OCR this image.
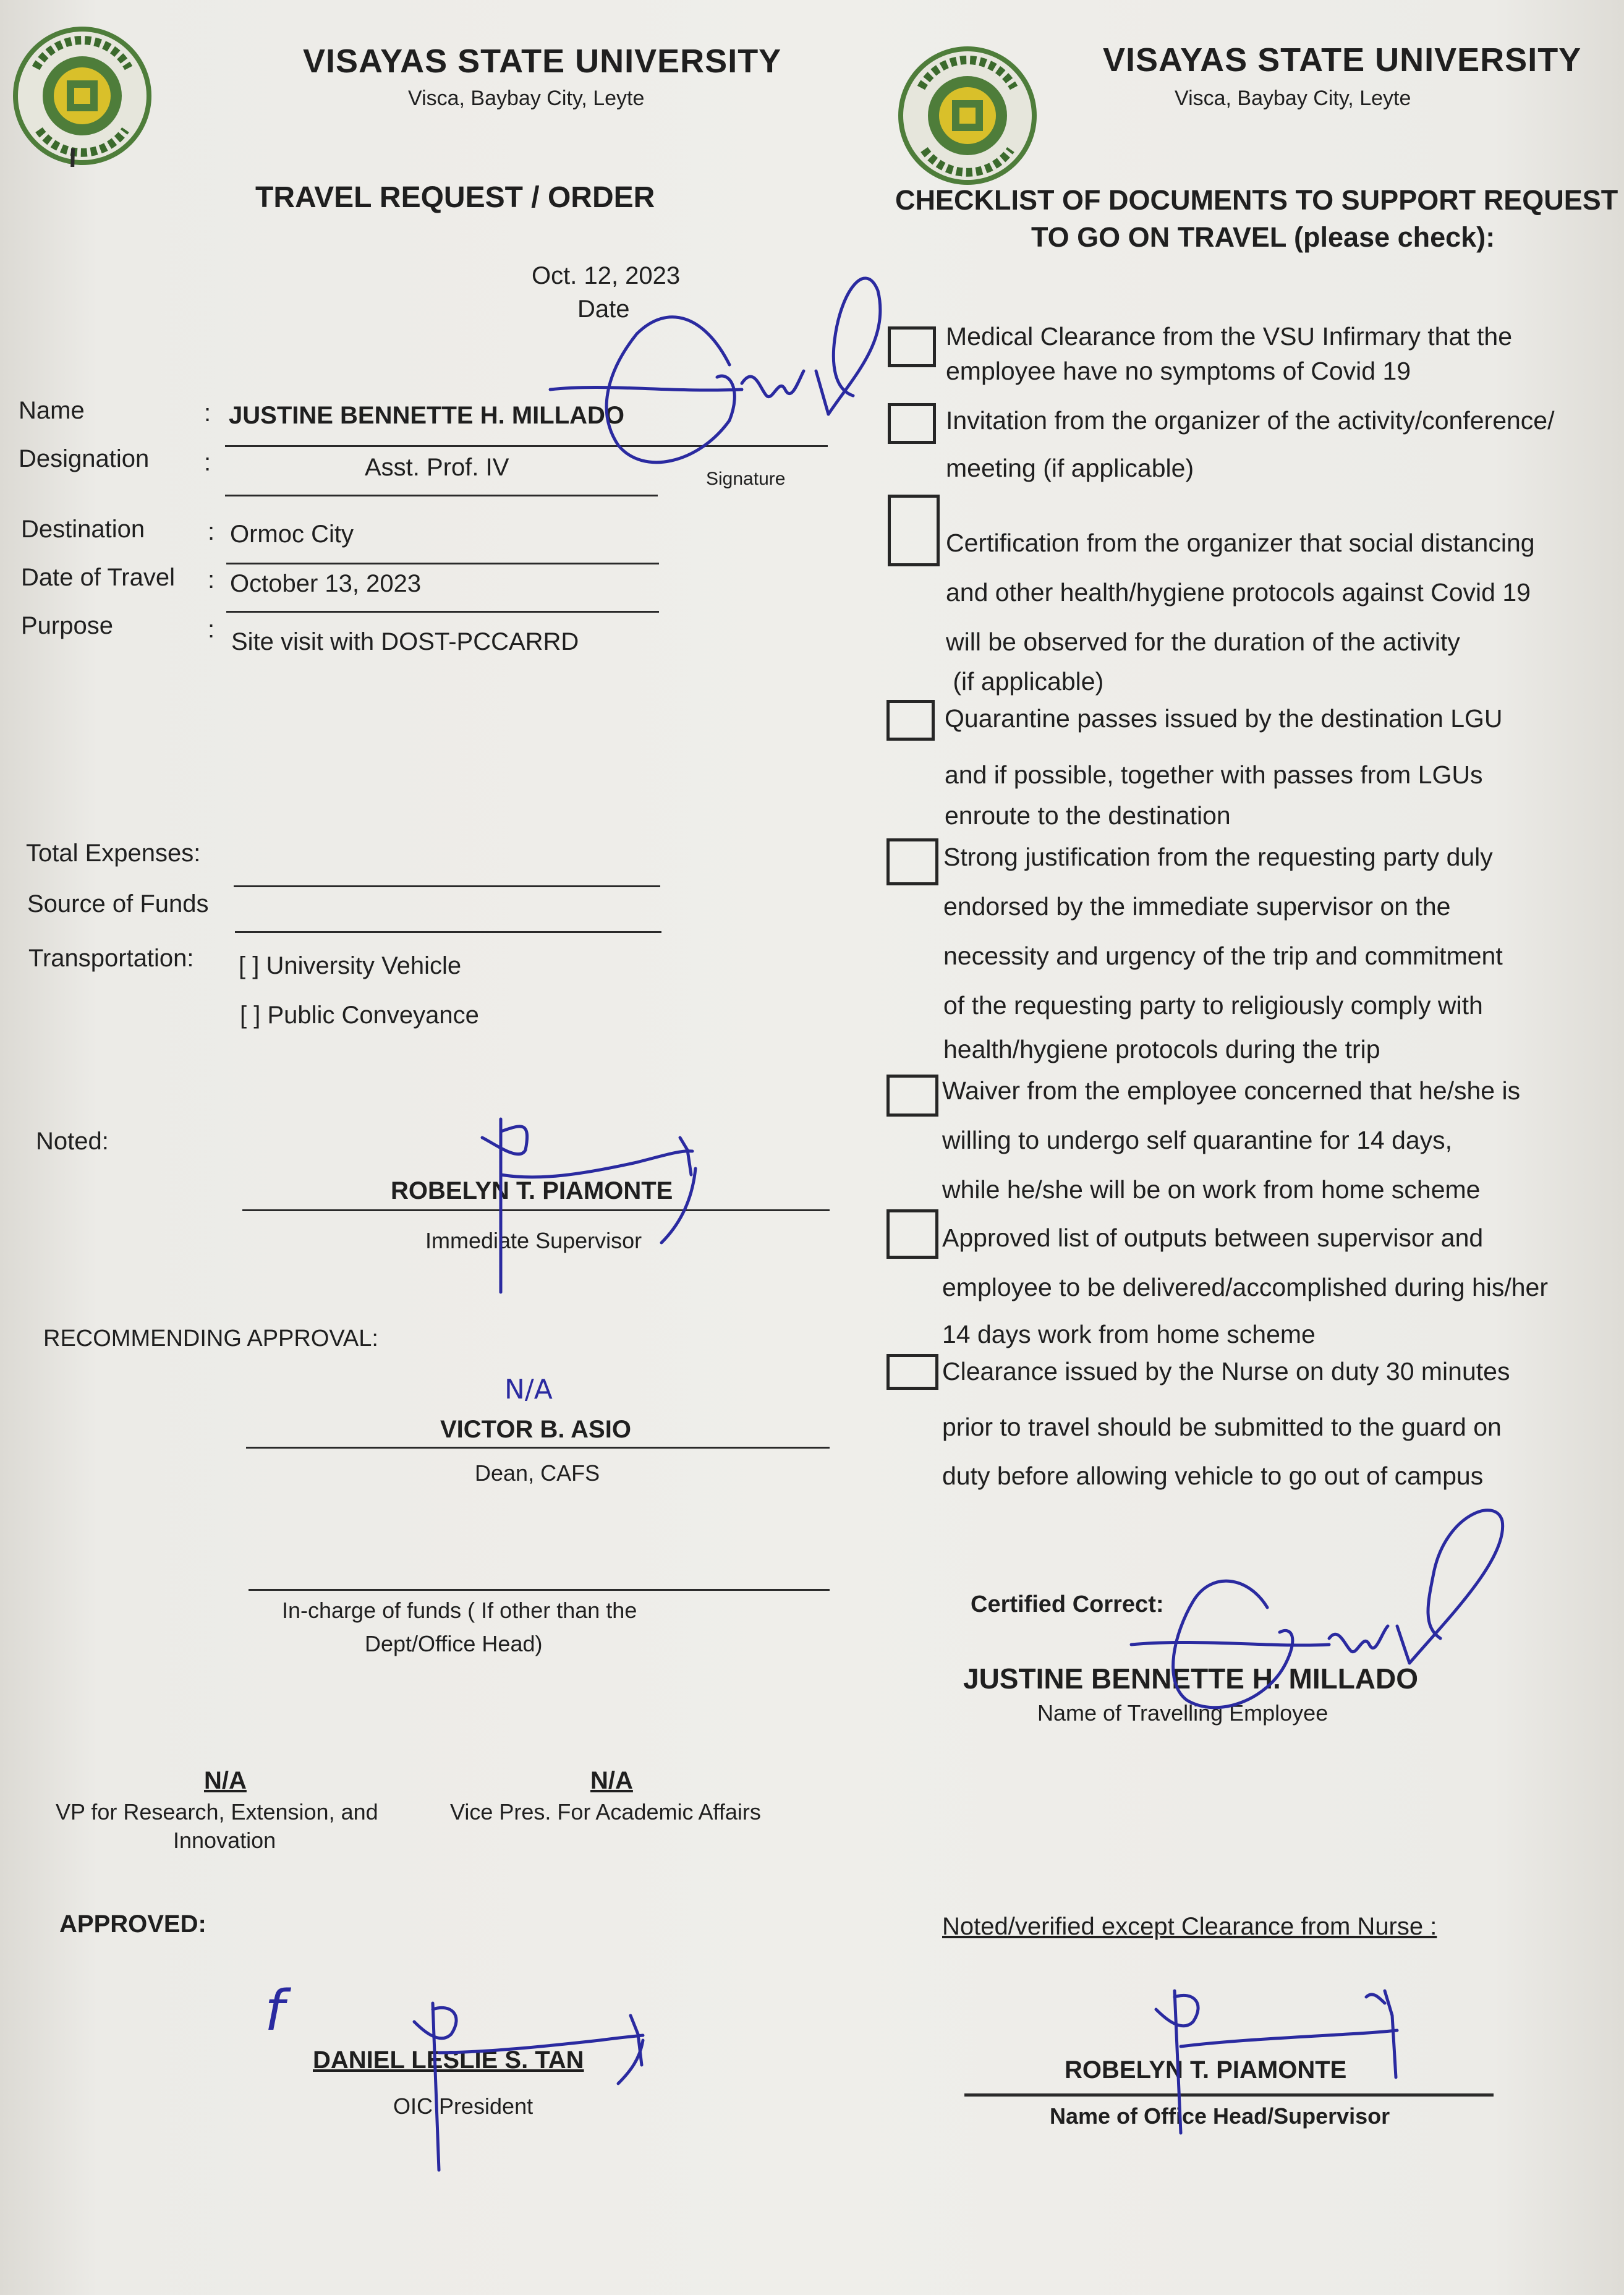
VISAYAS STATE UNIVERSITY
Visca, Baybay City, Leyte
TRAVEL REQUEST / ORDER
Oct. 12, 2023
Date
Name	: JUSTINE BENNETTE H. MILLADO
Signature
Designation :	Asst. Prof. IV
Destination	: Ormoc City
Date of Travel : October 13, 2023
Purpose	: Site visit with DOST-PCCARRD
Total Expenses:
Source of Funds
Transportation: [ ] University Vehicle
[ ] Public Conveyance
Noted:
ROBELYN T. PIAMONTE
Immediate Supervisor
RECOMMENDING APPROVAL:
N/A
VICTOR B. ASIO
Dean, CAFS
In-charge of funds ( If other than the
Dept/Office Head)
N/A
VP for Research, Extension, and
Innovation
N/A
Vice Pres. For Academic Affairs
APPROVED:
f
DANIEL LESLIE S. TAN
OIC President
VISAYAS STATE UNIVERSITY
Visca, Baybay City, Leyte
CHECKLIST OF DOCUMENTS TO SUPPORT REQUEST
TO GO ON TRAVEL (please check):
Medical Clearance from the VSU Infirmary that the
employee have no symptoms of Covid 19
Invitation from the organizer of the activity/conference/
meeting (if applicable)
Certification from the organizer that social distancing
and other health/hygiene protocols against Covid 19
will be observed for the duration of the activity
(if applicable)
Quarantine passes issued by the destination LGU
and if possible, together with passes from LGUs
enroute to the destination
Strong justification from the requesting party duly
endorsed by the immediate supervisor on the
necessity and urgency of the trip and commitment
of the requesting party to religiously comply with
health/hygiene protocols during the trip
Waiver from the employee concerned that he/she is
willing to undergo self quarantine for 14 days,
while he/she will be on work from home scheme
Approved list of outputs between supervisor and
employee to be delivered/accomplished during his/her
14 days work from home scheme
Clearance issued by the Nurse on duty 30 minutes
prior to travel should be submitted to the guard on
duty before allowing vehicle to go out of campus
Certified Correct:
JUSTINE BENNETTE H. MILLADO
Name of Travelling Employee
Noted/verified except Clearance from Nurse :
ROBELYN T. PIAMONTE
Name of Office Head/Supervisor
